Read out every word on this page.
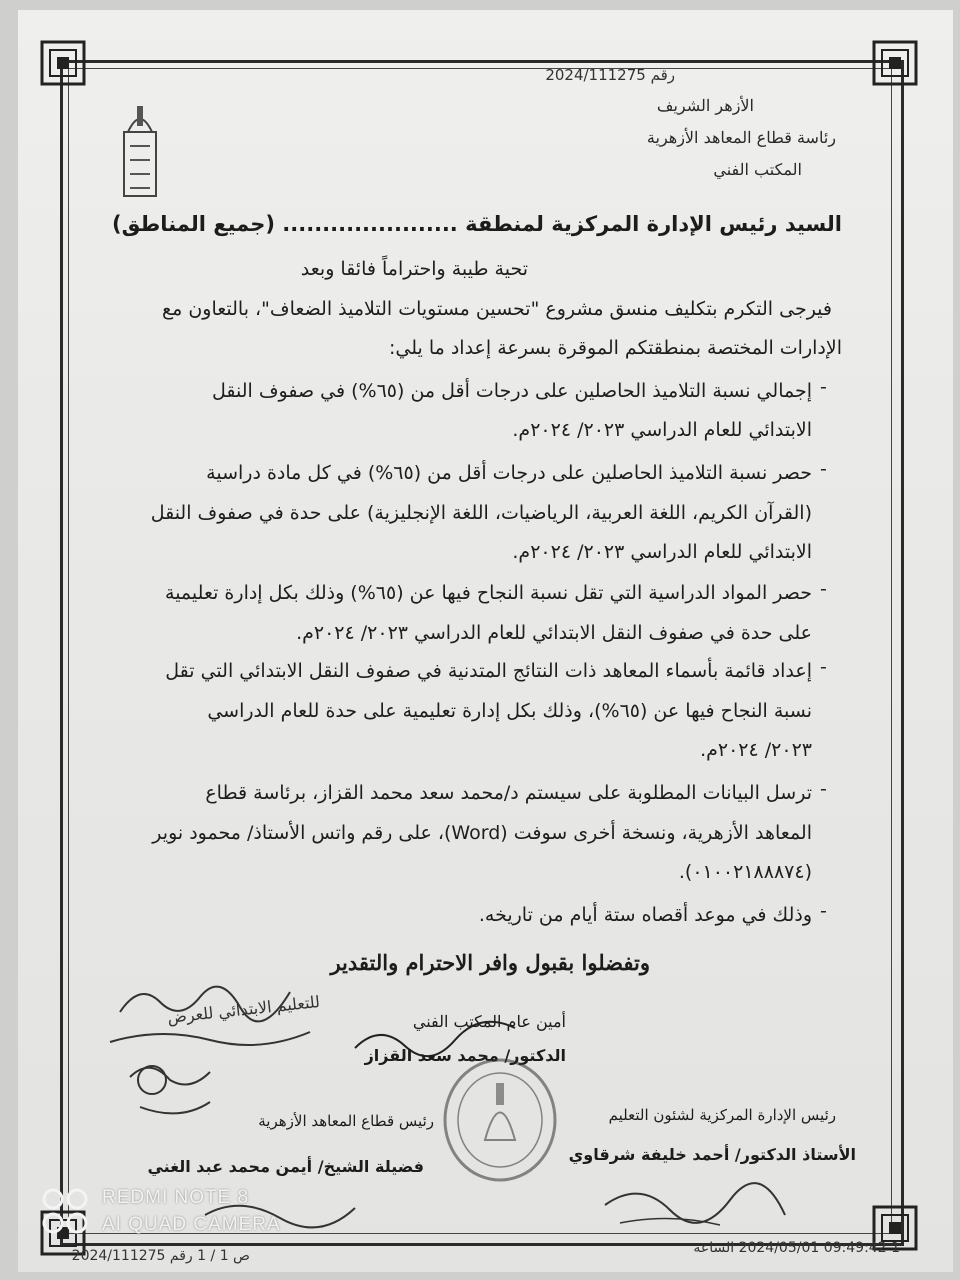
رقم 2024/111275
الأزهر الشريف
رئاسة قطاع المعاهد الأزهرية
المكتب الفني
السيد رئيس الإدارة المركزية لمنطقة ...................... (جميع المناطق)
تحية طيبة واحتراماً فائقا وبعد
فيرجى التكرم بتكليف منسق مشروع "تحسين مستويات التلاميذ الضعاف"، بالتعاون مع
الإدارات المختصة بمنطقتكم الموقرة بسرعة إعداد ما يلي:
-
إجمالي نسبة التلاميذ الحاصلين على درجات أقل من (٦٥%) في صفوف النقل
الابتدائي للعام الدراسي ٢٠٢٣/ ٢٠٢٤م.
-
حصر نسبة التلاميذ الحاصلين على درجات أقل من (٦٥%) في كل مادة دراسية
(القرآن الكريم، اللغة العربية، الرياضيات، اللغة الإنجليزية) على حدة في صفوف النقل
الابتدائي للعام الدراسي ٢٠٢٣/ ٢٠٢٤م.
-
حصر المواد الدراسية التي تقل نسبة النجاح فيها عن (٦٥%) وذلك بكل إدارة تعليمية
على حدة في صفوف النقل الابتدائي للعام الدراسي ٢٠٢٣/ ٢٠٢٤م.
-
إعداد قائمة بأسماء المعاهد ذات النتائج المتدنية في صفوف النقل الابتدائي التي تقل
نسبة النجاح فيها عن (٦٥%)، وذلك بكل إدارة تعليمية على حدة للعام الدراسي
٢٠٢٣/ ٢٠٢٤م.
-
ترسل البيانات المطلوبة على سيستم د/محمد سعد محمد القزاز، برئاسة قطاع
المعاهد الأزهرية، ونسخة أخرى سوفت (Word)، على رقم واتس الأستاذ/ محمود نوير
(٠١٠٠٢١٨٨٨٧٤).
-
وذلك في موعد أقصاه ستة أيام من تاريخه.
وتفضلوا بقبول وافر الاحترام والتقدير
للتعليم الابتدائي للعرض	أمين عام المكتب الفني
الدكتور/ محمد سعد القزاز
رئيس الإدارة المركزية لشئون التعليم
الأستاذ الدكتور/ أحمد خليفة شرقاوي
رئيس قطاع المعاهد الأزهرية
فضيلة الشيخ/ أيمن محمد عبد الغني
ص 1 / 1 رقم 2024/111275	1 09:49:42 2024/05/01 الساعة
REDMI NOTE 8
AI QUAD CAMERA
